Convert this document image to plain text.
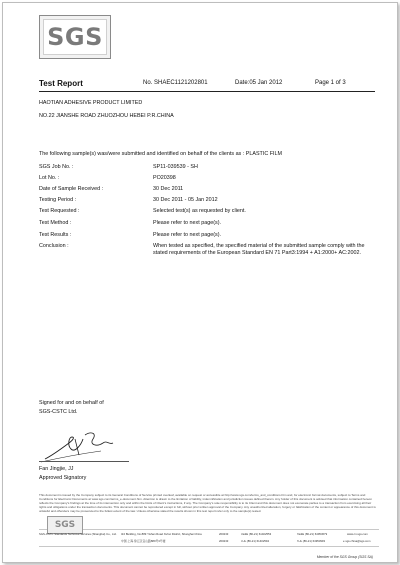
SGS
Test Report	No. SHAEC1121202801	Date:05 Jan 2012	Page 1 of 3
HAOTIAN ADHESIVE PRODUCT LIMITED
NO.22 JIANSHE ROAD ZHUOZHOU HEBEI P.R.CHINA
The following sample(s) was/were submitted and identified on behalf of the clients as : PLASTIC FILM
SGS Job No. :	SP11-039539 - SH
Lot No. :	PO20398
Date of Sample Received :	30 Dec 2011
Testing Period :	30 Dec 2011 - 05 Jan 2012
Test Requested :	Selected test(s) as requested by client.
Test Method :	Please refer to next page(s).
Test Results :	Please refer to next page(s).
Conclusion :	When tested as specified, the specified material of the submitted sample comply with the stated requirements of the European Standard EN 71 Part3:1994 + A1:2000+ AC:2002.
Signed for and on behalf of
SGS-CSTC Ltd.
Fan Jingjie, JJ
Approved Signatory
This document is issued by the Company subject to its General Conditions of Service printed overleaf, available on request or accessible at http://www.sgs.com/terms_and_conditions.htm and, for electronic format documents, subject to Terms and Conditions for Electronic Documents at www.sgs.com/terms_e-document.htm. Attention is drawn to the limitation of liability, indemnification and jurisdiction issues defined therein. Any holder of this document is advised that information contained hereon reflects the Company's findings at the time of its intervention only and within the limits of Client's instructions, if any. The Company's sole responsibility is to its Client and this document does not exonerate parties to a transaction from exercising all their rights and obligations under the transaction documents. This document cannot be reproduced except in full, without prior written approval of the Company. Any unauthorized alteration, forgery or falsification of the content or appearance of this document is unlawful and offenders may be prosecuted to the fullest extent of the law. Unless otherwise stated the results shown in this test report refer only to the sample(s) tested.
SGS
SGS-CSTC Standards Technical Services (Shanghai) Co., Ltd. 3rd Building, No.889 Yishan Road Xuhui District, Shanghai China
中国·上海·徐汇区宜山路889号3号楼
200233
200233
t E&E (86-21) 61402553
t HL (86-21) 61402594
f E&E (86-21) 64953679
f HL (86-21) 64953993
www.cn.sgs.com
e sgs.china@sgs.com
Member of the SGS Group (SGS SA)
